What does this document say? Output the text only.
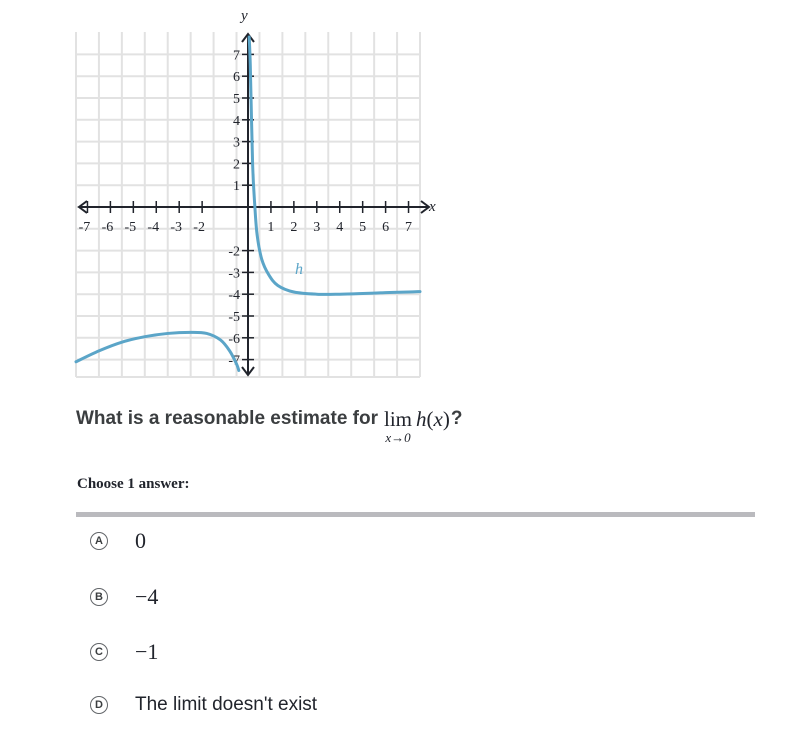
-7 -6 -5 -4 -3 -2	1 2 3 4 5 6 7
7
6
5
4
3
2
1
-2
-3
-4
-5
-6
-7
x
y
h
What is a reasonable estimate for lim
x→0
h(x) ?
Choose 1 answer:
A 0
B −4
C −1
D The limit doesn't exist
